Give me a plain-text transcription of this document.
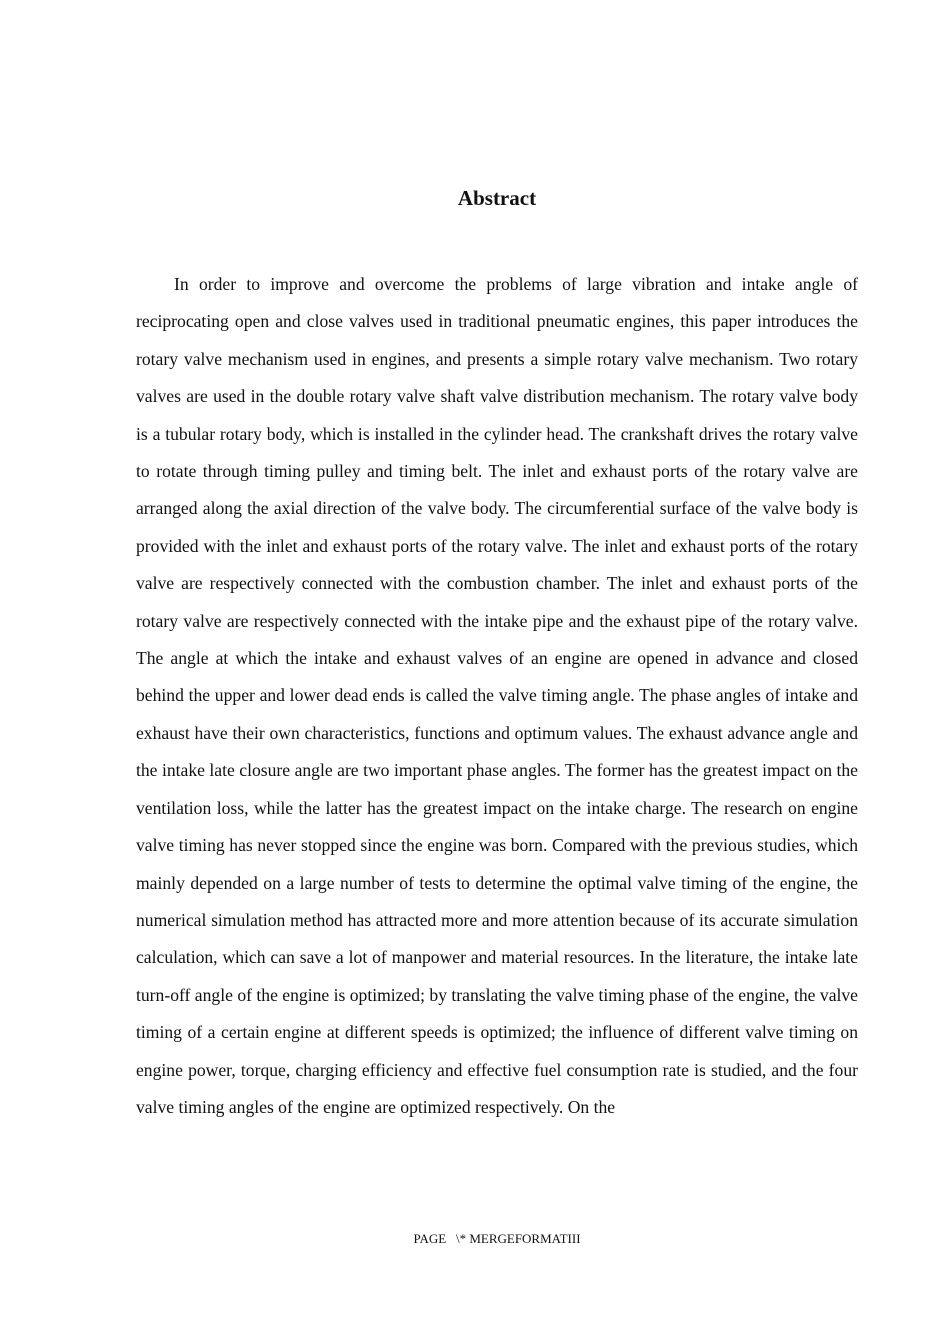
Abstract

In order to improve and overcome the problems of large vibration and intake angle of reciprocating open and close valves used in traditional pneumatic engines, this paper introduces the rotary valve mechanism used in engines, and presents a simple rotary valve mechanism. Two rotary valves are used in the double rotary valve shaft valve distribution mechanism. The rotary valve body is a tubular rotary body, which is installed in the cylinder head. The crankshaft drives the rotary valve to rotate through timing pulley and timing belt. The inlet and exhaust ports of the rotary valve are arranged along the axial direction of the valve body. The circumferential surface of the valve body is provided with the inlet and exhaust ports of the rotary valve. The inlet and exhaust ports of the rotary valve are respectively connected with the combustion chamber. The inlet and exhaust ports of the rotary valve are respectively connected with the intake pipe and the exhaust pipe of the rotary valve. The angle at which the intake and exhaust valves of an engine are opened in advance and closed behind the upper and lower dead ends is called the valve timing angle. The phase angles of intake and exhaust have their own characteristics, functions and optimum values. The exhaust advance angle and the intake late closure angle are two important phase angles. The former has the greatest impact on the ventilation loss, while the latter has the greatest impact on the intake charge. The research on engine valve timing has never stopped since the engine was born. Compared with the previous studies, which mainly depended on a large number of tests to determine the optimal valve timing of the engine, the numerical simulation method has attracted more and more attention because of its accurate simulation calculation, which can save a lot of manpower and material resources. In the literature, the intake late turn-off angle of the engine is optimized; by translating the valve timing phase of the engine, the valve timing of a certain engine at different speeds is optimized; the influence of different valve timing on engine power, torque, charging efficiency and effective fuel consumption rate is studied, and the four valve timing angles of the engine are optimized respectively. On the

PAGE   \* MERGEFORMATIII
